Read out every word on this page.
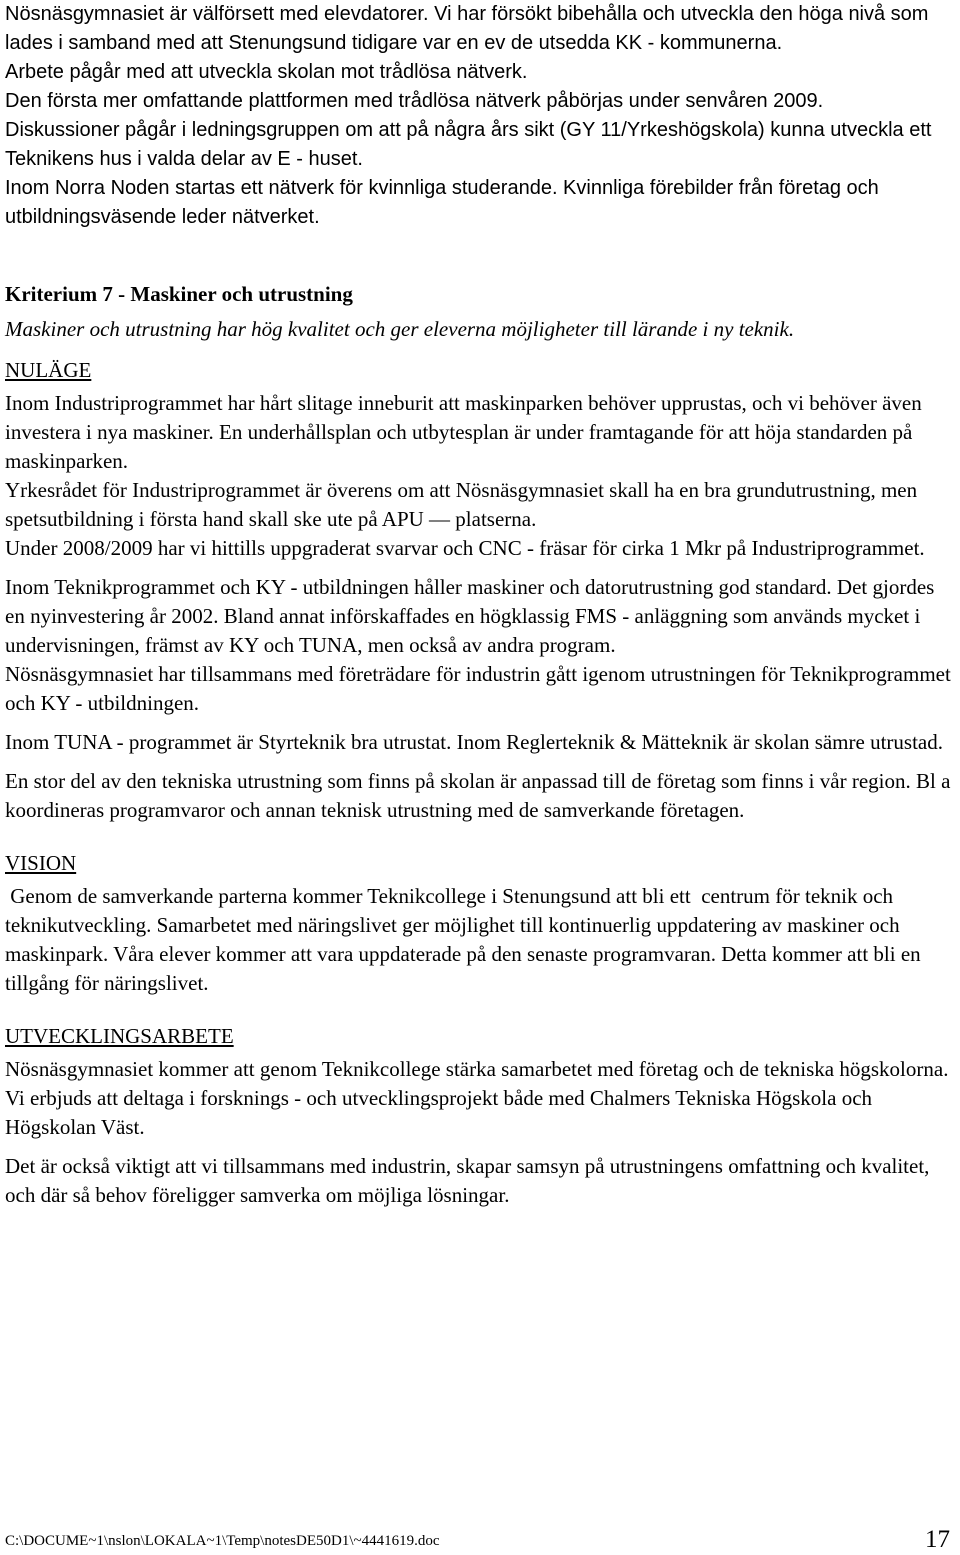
Nösnäsgymnasiet är välförsett med elevdatorer. Vi har försökt bibehålla och utveckla den höga nivå som lades i samband med att Stenungsund tidigare var en ev de utsedda KK - kommunerna.

Arbete pågår med att utveckla skolan mot trådlösa nätverk.

Den första mer omfattande plattformen med trådlösa nätverk påbörjas under senvåren 2009.

Diskussioner pågår i ledningsgruppen om att på några års sikt (GY 11/Yrkeshögskola) kunna utveckla ett Teknikens hus i valda delar av E - huset.

Inom Norra Noden startas ett nätverk för kvinnliga studerande. Kvinnliga förebilder från företag och utbildningsväsende leder nätverket.

Kriterium 7 - Maskiner och utrustning

Maskiner och utrustning har hög kvalitet och ger eleverna möjligheter till lärande i ny teknik.

NULÄGE

Inom Industriprogrammet har hårt slitage inneburit att maskinparken behöver upprustas, och vi behöver även investera i nya maskiner. En underhållsplan och utbytesplan är under framtagande för att höja standarden på maskinparken.

Yrkesrådet för Industriprogrammet är överens om att Nösnäsgymnasiet skall ha en bra grundutrustning, men spetsutbildning i första hand skall ske ute på APU — platserna.

Under 2008/2009 har vi hittills uppgraderat svarvar och CNC - fräsar för cirka 1 Mkr på Industriprogrammet.

Inom Teknikprogrammet och KY - utbildningen håller maskiner och datorutrustning god standard. Det gjordes en nyinvestering år 2002. Bland annat införskaffades en högklassig FMS - anläggning som används mycket i undervisningen, främst av KY och TUNA, men också av andra program.

Nösnäsgymnasiet har tillsammans med företrädare för industrin gått igenom utrustningen för Teknikprogrammet och KY - utbildningen.

Inom TUNA - programmet är Styrteknik bra utrustat. Inom Reglerteknik & Mätteknik är skolan sämre utrustad.

En stor del av den tekniska utrustning som finns på skolan är anpassad till de företag som finns i vår region. Bl a koordineras programvaror och annan teknisk utrustning med de samverkande företagen.

VISION

Genom de samverkande parterna kommer Teknikcollege i Stenungsund att bli ett  centrum för teknik och teknikutveckling. Samarbetet med näringslivet ger möjlighet till kontinuerlig uppdatering av maskiner och maskinpark. Våra elever kommer att vara uppdaterade på den senaste programvaran. Detta kommer att bli en tillgång för näringslivet.

UTVECKLINGSARBETE

Nösnäsgymnasiet kommer att genom Teknikcollege stärka samarbetet med företag och de tekniska högskolorna. Vi erbjuds att deltaga i forsknings - och utvecklingsprojekt både med Chalmers Tekniska Högskola och Högskolan Väst.

Det är också viktigt att vi tillsammans med industrin, skapar samsyn på utrustningens omfattning och kvalitet, och där så behov föreligger samverka om möjliga lösningar.

C:\DOCUME~1\nslon\LOKALA~1\Temp\notesDE50D1\~4441619.doc	17
